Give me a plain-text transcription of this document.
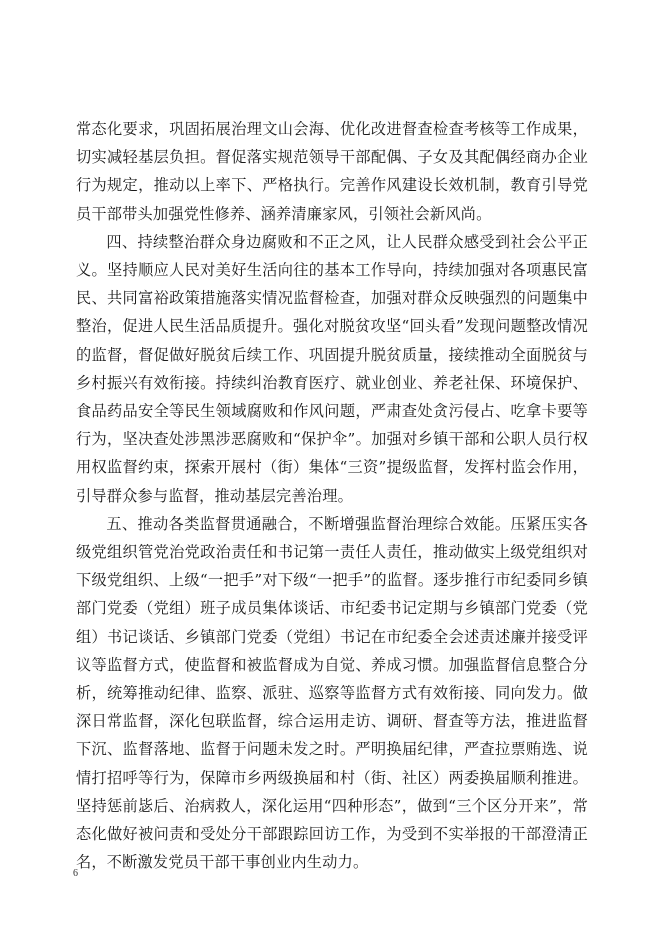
常态化要求，巩固拓展治理文山会海、优化改进督查检查考核等工作成果，切实减轻基层负担。督促落实规范领导干部配偶、子女及其配偶经商办企业行为规定，推动以上率下、严格执行。完善作风建设长效机制，教育引导党员干部带头加强党性修养、涵养清廉家风，引领社会新风尚。

四、持续整治群众身边腐败和不正之风，让人民群众感受到社会公平正义。坚持顺应人民对美好生活向往的基本工作导向，持续加强对各项惠民富民、共同富裕政策措施落实情况监督检查，加强对群众反映强烈的问题集中整治，促进人民生活品质提升。强化对脱贫攻坚“回头看”发现问题整改情况的监督，督促做好脱贫后续工作、巩固提升脱贫质量，接续推动全面脱贫与乡村振兴有效衔接。持续纠治教育医疗、就业创业、养老社保、环境保护、食品药品安全等民生领域腐败和作风问题，严肃查处贪污侵占、吃拿卡要等行为，坚决查处涉黑涉恶腐败和“保护伞”。加强对乡镇干部和公职人员行权用权监督约束，探索开展村（街）集体“三资”提级监督，发挥村监会作用，引导群众参与监督，推动基层完善治理。

五、推动各类监督贯通融合，不断增强监督治理综合效能。压紧压实各级党组织管党治党政治责任和书记第一责任人责任，推动做实上级党组织对下级党组织、上级“一把手”对下级“一把手”的监督。逐步推行市纪委同乡镇部门党委（党组）班子成员集体谈话、市纪委书记定期与乡镇部门党委（党组）书记谈话、乡镇部门党委（党组）书记在市纪委全会述责述廉并接受评议等监督方式，使监督和被监督成为自觉、养成习惯。加强监督信息整合分析，统筹推动纪律、监察、派驻、巡察等监督方式有效衔接、同向发力。做深日常监督，深化包联监督，综合运用走访、调研、督查等方法，推进监督下沉、监督落地、监督于问题未发之时。严明换届纪律，严查拉票贿选、说情打招呼等行为，保障市乡两级换届和村（街、社区）两委换届顺利推进。坚持惩前毖后、治病救人，深化运用“四种形态”，做到“三个区分开来”，常态化做好被问责和受处分干部跟踪回访工作，为受到不实举报的干部澄清正名，不断激发党员干部干事创业内生动力。

6
